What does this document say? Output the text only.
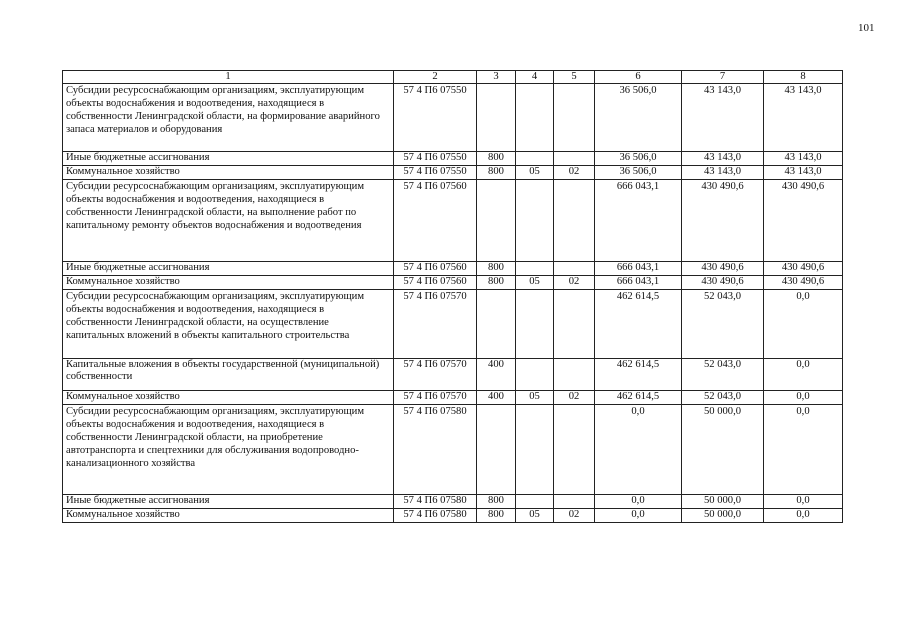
101
1	2	3	4	5	6	7	8
Субсидии ресурсоснабжающим организациям, эксплуатирующим объекты водоснабжения и водоотведения, находящиеся в собственности Ленинградской области, на формирование аварийного запаса материалов и оборудования	57 4 П6 07550				36 506,0	43 143,0	43 143,0
Иные бюджетные ассигнования	57 4 П6 07550	800			36 506,0	43 143,0	43 143,0
Коммунальное хозяйство	57 4 П6 07550	800	05	02	36 506,0	43 143,0	43 143,0
Субсидии ресурсоснабжающим организациям, эксплуатирующим объекты водоснабжения и водоотведения, находящиеся в собственности Ленинградской области, на выполнение работ по капитальному ремонту объектов водоснабжения и водоотведения	57 4 П6 07560				666 043,1	430 490,6	430 490,6
Иные бюджетные ассигнования	57 4 П6 07560	800			666 043,1	430 490,6	430 490,6
Коммунальное хозяйство	57 4 П6 07560	800	05	02	666 043,1	430 490,6	430 490,6
Субсидии ресурсоснабжающим организациям, эксплуатирующим объекты водоснабжения и водоотведения, находящиеся в собственности Ленинградской области, на осуществление капитальных вложений в объекты капитального строительства	57 4 П6 07570				462 614,5	52 043,0	0,0
Капитальные вложения в объекты государственной (муниципальной) собственности	57 4 П6 07570	400			462 614,5	52 043,0	0,0
Коммунальное хозяйство	57 4 П6 07570	400	05	02	462 614,5	52 043,0	0,0
Субсидии ресурсоснабжающим организациям, эксплуатирующим объекты водоснабжения и водоотведения, находящиеся в собственности Ленинградской области, на приобретение автотранспорта и спецтехники для обслуживания водопроводно-канализационного хозяйства	57 4 П6 07580				0,0	50 000,0	0,0
Иные бюджетные ассигнования	57 4 П6 07580	800			0,0	50 000,0	0,0
Коммунальное хозяйство	57 4 П6 07580	800	05	02	0,0	50 000,0	0,0
